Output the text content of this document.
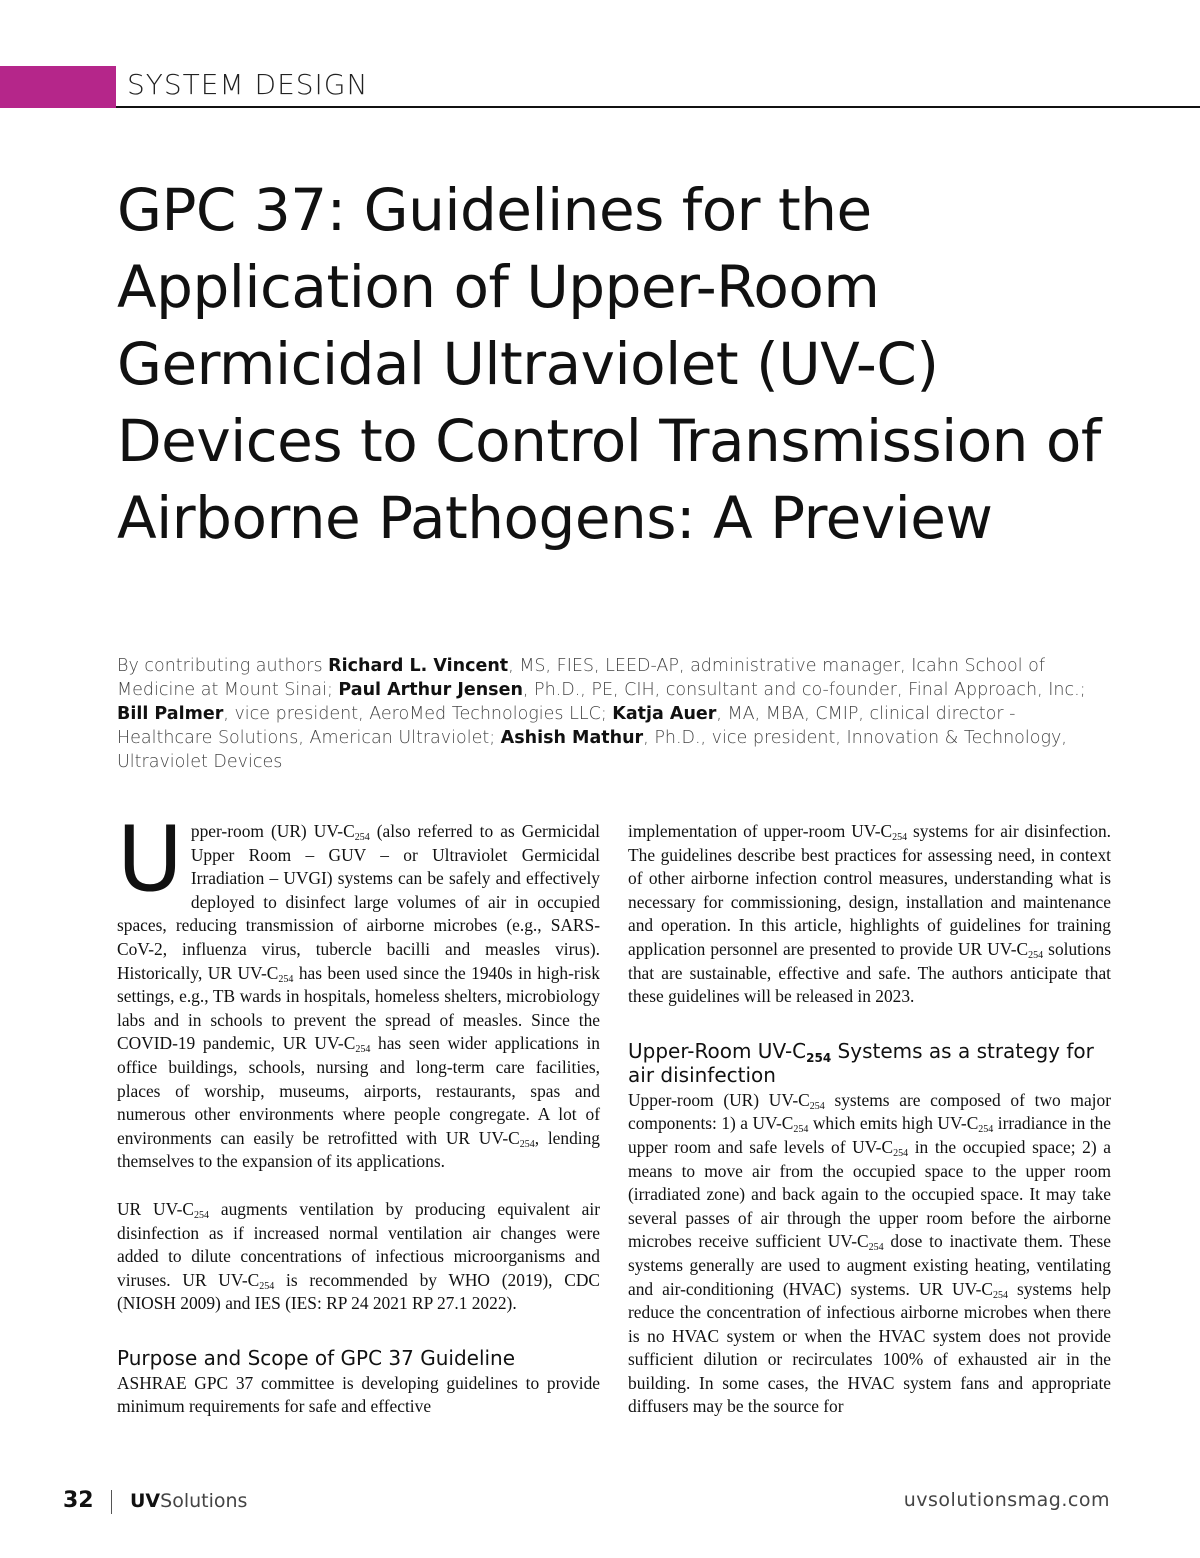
SYSTEM DESIGN
GPC 37: Guidelines for the Application of Upper-Room Germicidal Ultraviolet (UV-C) Devices to Control Transmission of Airborne Pathogens: A Preview
By contributing authors Richard L. Vincent, MS, FIES, LEED-AP, administrative manager, Icahn School of Medicine at Mount Sinai; Paul Arthur Jensen, Ph.D., PE, CIH, consultant and co-founder, Final Approach, Inc.; Bill Palmer, vice president, AeroMed Technologies LLC; Katja Auer, MA, MBA, CMIP, clinical director - Healthcare Solutions, American Ultraviolet; Ashish Mathur, Ph.D., vice president, Innovation & Technology, Ultraviolet Devices

Upper-room (UR) $UV-C_{254}$ (also referred to as Germicidal Upper Room – GUV – or Ultraviolet Germicidal Irradiation – UVGI) systems can be safely and effectively deployed to disinfect large volumes of air in occupied spaces, reducing transmission of airborne microbes (e.g., SARS-CoV-2, influenza virus, tubercle bacilli and measles virus). Historically, UR $UV-C_{254}$ has been used since the 1940s in high-risk settings, e.g., TB wards in hospitals, homeless shelters, microbiology labs and in schools to prevent the spread of measles. Since the COVID-19 pandemic, UR $UV-C_{254}$ has seen wider applications in office buildings, schools, nursing and long-term care facilities, places of worship, museums, airports, restaurants, spas and numerous other environments where people congregate. A lot of environments can easily be retrofitted with UR $UV-C_{254}$, lending themselves to the expansion of its applications.

UR $UV-C_{254}$ augments ventilation by producing equivalent air disinfection as if increased normal ventilation air changes were added to dilute concentrations of infectious microorganisms and viruses. UR $UV-C_{254}$ is recommended by WHO (2019), CDC (NIOSH 2009) and IES (IES: RP 24 2021 RP 27.1 2022).

Purpose and Scope of GPC 37 Guideline

ASHRAE GPC 37 committee is developing guidelines to provide minimum requirements for safe and effective

implementation of upper-room $UV-C_{254}$ systems for air disinfection. The guidelines describe best practices for assessing need, in context of other airborne infection control measures, understanding what is necessary for commissioning, design, installation and maintenance and operation. In this article, highlights of guidelines for training application personnel are presented to provide UR $UV-C_{254}$ solutions that are sustainable, effective and safe. The authors anticipate that these guidelines will be released in 2023.

Upper-Room $UV-C_{254}$ Systems as a strategy for air disinfection

Upper-room (UR) $UV-C_{254}$ systems are composed of two major components: 1) a $UV-C_{254}$ which emits high $UV-C_{254}$ irradiance in the upper room and safe levels of $UV-C_{254}$ in the occupied space; 2) a means to move air from the occupied space to the upper room (irradiated zone) and back again to the occupied space. It may take several passes of air through the upper room before the airborne microbes receive sufficient $UV-C_{254}$ dose to inactivate them. These systems generally are used to augment existing heating, ventilating and air-conditioning (HVAC) systems. UR $UV-C_{254}$ systems help reduce the concentration of infectious airborne microbes when there is no HVAC system or when the HVAC system does not provide sufficient dilution or recirculates 100% of exhausted air in the building. In some cases, the HVAC system fans and appropriate diffusers may be the source for

32 UVSolutions	uvsolutionsmag.com
